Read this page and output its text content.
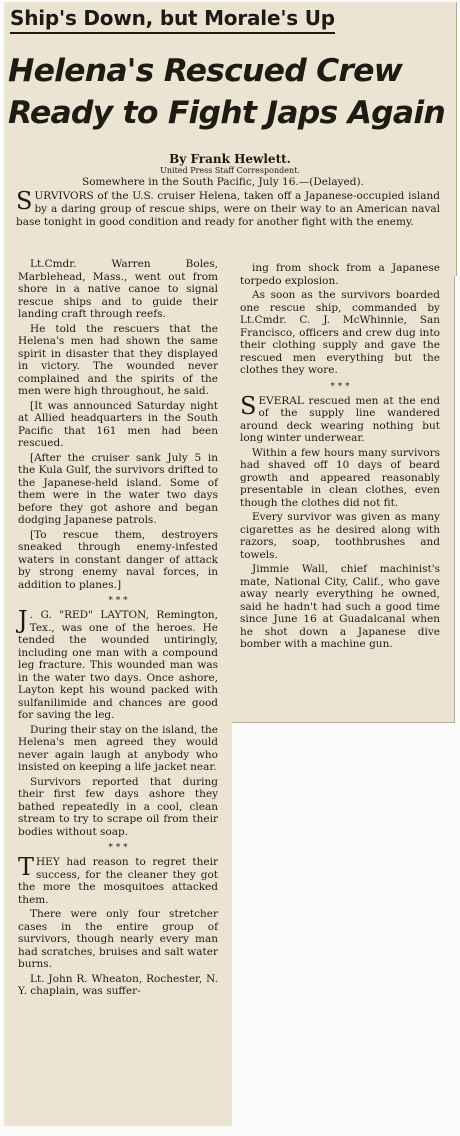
Ship's Down, but Morale's Up
Helena's Rescued Crew
Ready to Fight Japs Again
By Frank Hewlett.
United Press Staff Correspondent.
Somewhere in the South Pacific, July 16.—(Delayed).
SURVIVORS of the U.S. cruiser Helena, taken off a Japanese-occupied island by a daring group of rescue ships, were on their way to an American naval base tonight in good condition and ready for another fight with the enemy.

Lt.Cmdr. Warren Boles, Marblehead, Mass., went out from shore in a native canoe to signal rescue ships and to guide their landing craft through reefs.

He told the rescuers that the Helena's men had shown the same spirit in disaster that they displayed in victory. The wounded never complained and the spirits of the men were high throughout, he said.

[It was announced Saturday night at Allied headquarters in the South Pacific that 161 men had been rescued.

[After the cruiser sank July 5 in the Kula Gulf, the survivors drifted to the Japanese-held island. Some of them were in the water two days before they got ashore and began dodging Japanese patrols.

[To rescue them, destroyers sneaked through enemy-infested waters in constant danger of attack by strong enemy naval forces, in addition to planes.]

* * *

J . G. "RED" LAYTON, Remington, Tex., was one of the heroes. He tended the wounded untiringly, including one man with a compound leg fracture. This wounded man was in the water two days. Once ashore, Layton kept his wound packed with sulfanilimide and chances are good for saving the leg.

During their stay on the island, the Helena's men agreed they would never again laugh at anybody who insisted on keeping a life jacket near.

Survivors reported that during their first few days ashore they bathed repeatedly in a cool, clean stream to try to scrape oil from their bodies without soap.

* * *

THEY had reason to regret their success, for the cleaner they got the more the mosquitoes attacked them.

There were only four stretcher cases in the entire group of survivors, though nearly every man had scratches, bruises and salt water burns.

Lt. John R. Wheaton, Rochester, N. Y. chaplain, was suffer-

ing from shock from a Japanese torpedo explosion.

As soon as the survivors boarded one rescue ship, commanded by Lt.Cmdr. C. J. McWhinnie, San Francisco, officers and crew dug into their clothing supply and gave the rescued men everything but the clothes they wore.

* * *

SEVERAL rescued men at the end of the supply line wandered around deck wearing nothing but long winter underwear.

Within a few hours many survivors had shaved off 10 days of beard growth and appeared reasonably presentable in clean clothes, even though the clothes did not fit.

Every survivor was given as many cigarettes as he desired along with razors, soap, toothbrushes and towels.

Jimmie Wall, chief machinist's mate, National City, Calif., who gave away nearly everything he owned, said he hadn't had such a good time since June 16 at Guadalcanal when he shot down a Japanese dive bomber with a machine gun.
